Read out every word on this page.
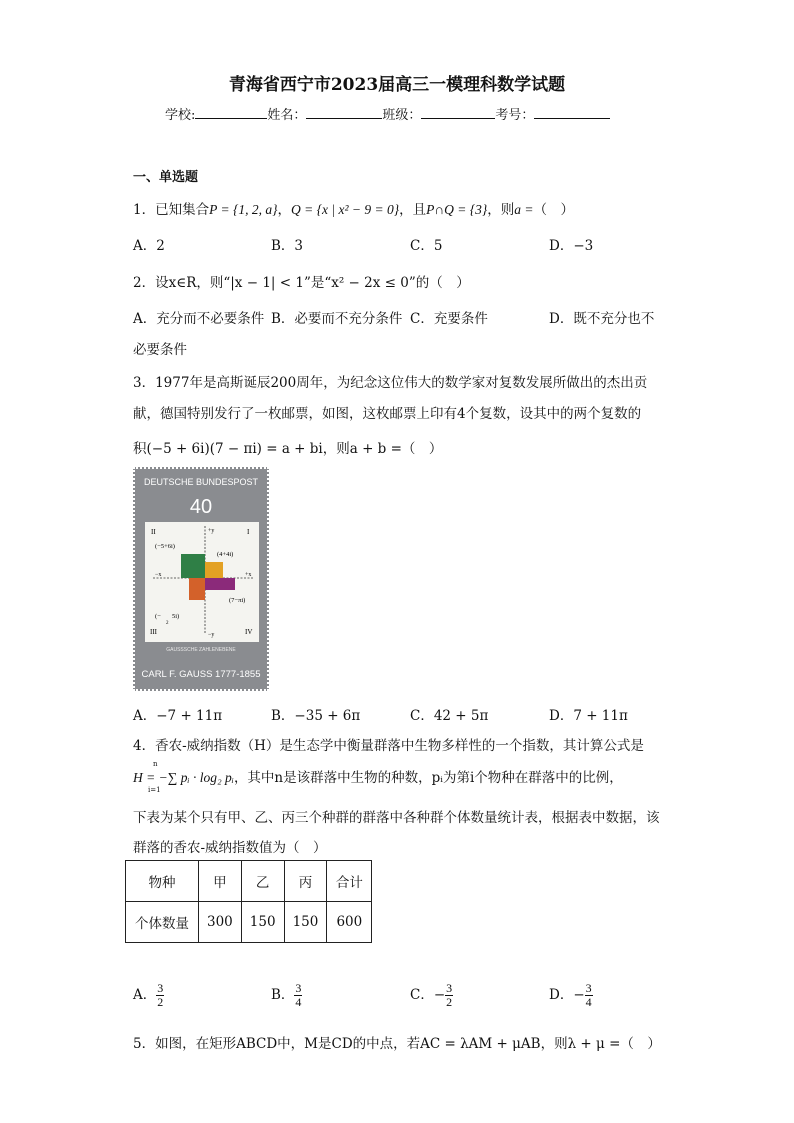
青海省西宁市2023届高三一模理科数学试题
学校:	姓名：	班级：	考号：
一、单选题
1．已知集合P = {1, 2, a}，Q = {x | x² − 9 = 0}，且P∩Q = {3}，则a =（　）
A．2	B．3	C．5	D．−3
2．设x∈R，则“|x − 1| < 1”是“x² − 2x ≤ 0”的（　）
A．充分而不必要条件 B．必要而不充分条件 C．充要条件	D．既不充分也不
必要条件
3．1977年是高斯诞辰200周年，为纪念这位伟大的数学家对复数发展所做出的杰出贡
献，德国特别发行了一枚邮票，如图，这枚邮票上印有4个复数，设其中的两个复数的
积(−5 + 6i)(7 − πi) = a + bi，则a + b =（　）
DEUTSCHE BUNDESPOST
40
II	I
III	IV
+y
−x	+x
−y
(−5+6i)
(4+4i)
(7−πi)
(−
2
5i)
GAUSSSCHE ZAHLENEBENE
CARL F. GAUSS 1777-1855
A．−7 + 11π	B．−35 + 6π	C．42 + 5π	D．7 + 11π
4．香农-威纳指数（H）是生态学中衡量群落中生物多样性的一个指数，其计算公式是
H = −∑ pᵢ · log₂ pᵢ，其中n是该群落中生物的种数，pᵢ为第i个物种在群落中的比例，
n
i=1
下表为某个只有甲、乙、丙三个种群的群落中各种群个体数量统计表，根据表中数据，该
群落的香农-威纳指数值为（　）
物种	甲	乙	丙	合计
个体数量	300	150	150	600
A． $\frac{3}{2}$	B． $\frac{3}{4}$	C．− $\frac{3}{2}$	D．− $\frac{3}{4}$
5．如图，在矩形ABCD中，M是CD的中点，若AC = λAM + μAB，则λ + μ =（　）
